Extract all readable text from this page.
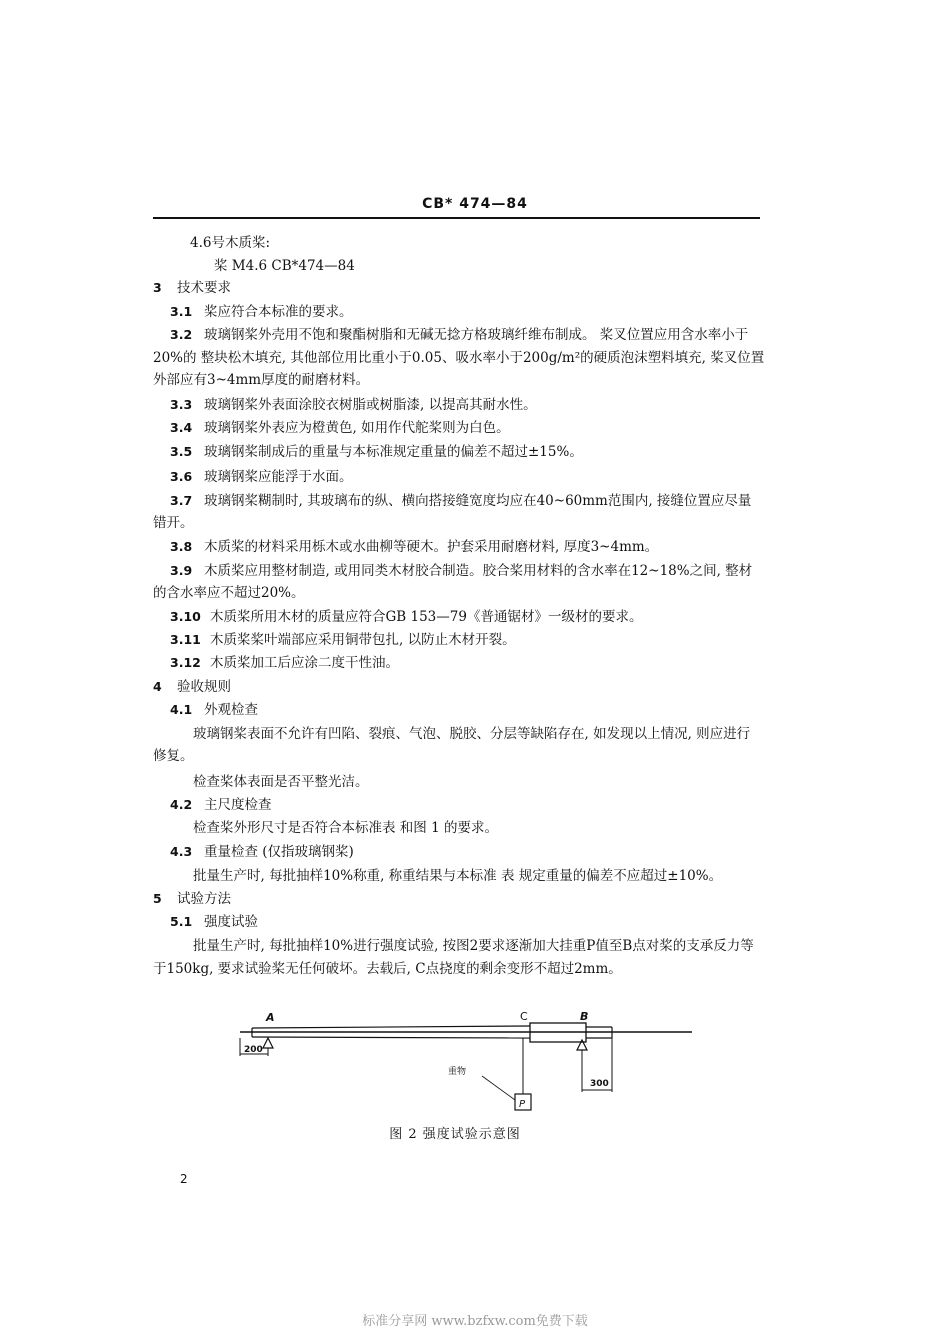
CB* 474—84
4.6号木质桨:
桨 M4.6 CB*474—84
3 技术要求
3.1 桨应符合本标准的要求。
3.2 玻璃钢桨外壳用不饱和聚酯树脂和无碱无捻方格玻璃纤维布制成。 桨叉位置应用含水率小于
20%的 整块松木填充, 其他部位用比重小于0.05、吸水率小于200g/m²的硬质泡沫塑料填充, 桨叉位置
外部应有3~4mm厚度的耐磨材料。
3.3 玻璃钢桨外表面涂胶衣树脂或树脂漆, 以提高其耐水性。
3.4 玻璃钢桨外表应为橙黄色, 如用作代舵桨则为白色。
3.5 玻璃钢桨制成后的重量与本标准规定重量的偏差不超过±15%。
3.6 玻璃钢桨应能浮于水面。
3.7 玻璃钢桨糊制时, 其玻璃布的纵、横向搭接缝宽度均应在40~60mm范围内, 接缝位置应尽量
错开。
3.8 木质桨的材料采用栎木或水曲柳等硬木。护套采用耐磨材料, 厚度3~4mm。
3.9 木质桨应用整材制造, 或用同类木材胶合制造。胶合桨用材料的含水率在12~18%之间, 整材
的含水率应不超过20%。
3.10 木质桨所用木材的质量应符合GB 153—79《普通锯材》一级材的要求。
3.11 木质桨桨叶端部应采用铜带包扎, 以防止木材开裂。
3.12 木质桨加工后应涂二度干性油。
4 验收规则
4.1 外观检查
玻璃钢桨表面不允许有凹陷、裂痕、气泡、脱胶、分层等缺陷存在, 如发现以上情况, 则应进行
修复。
检查桨体表面是否平整光洁。
4.2 主尺度检查
检查桨外形尺寸是否符合本标准表 和图 1 的要求。
4.3 重量检查 (仅指玻璃钢桨)
批量生产时, 每批抽样10%称重, 称重结果与本标准 表 规定重量的偏差不应超过±10%。
5 试验方法
5.1 强度试验
批量生产时, 每批抽样10%进行强度试验, 按图2要求逐渐加大挂重P值至B点对桨的支承反力等
于150kg, 要求试验桨无任何破坏。去载后, C点挠度的剩余变形不超过2mm。
200
300
A	C	B
P
重物
图 2 强度试验示意图
2
标准分享网 www.bzfxw.com免费下载
